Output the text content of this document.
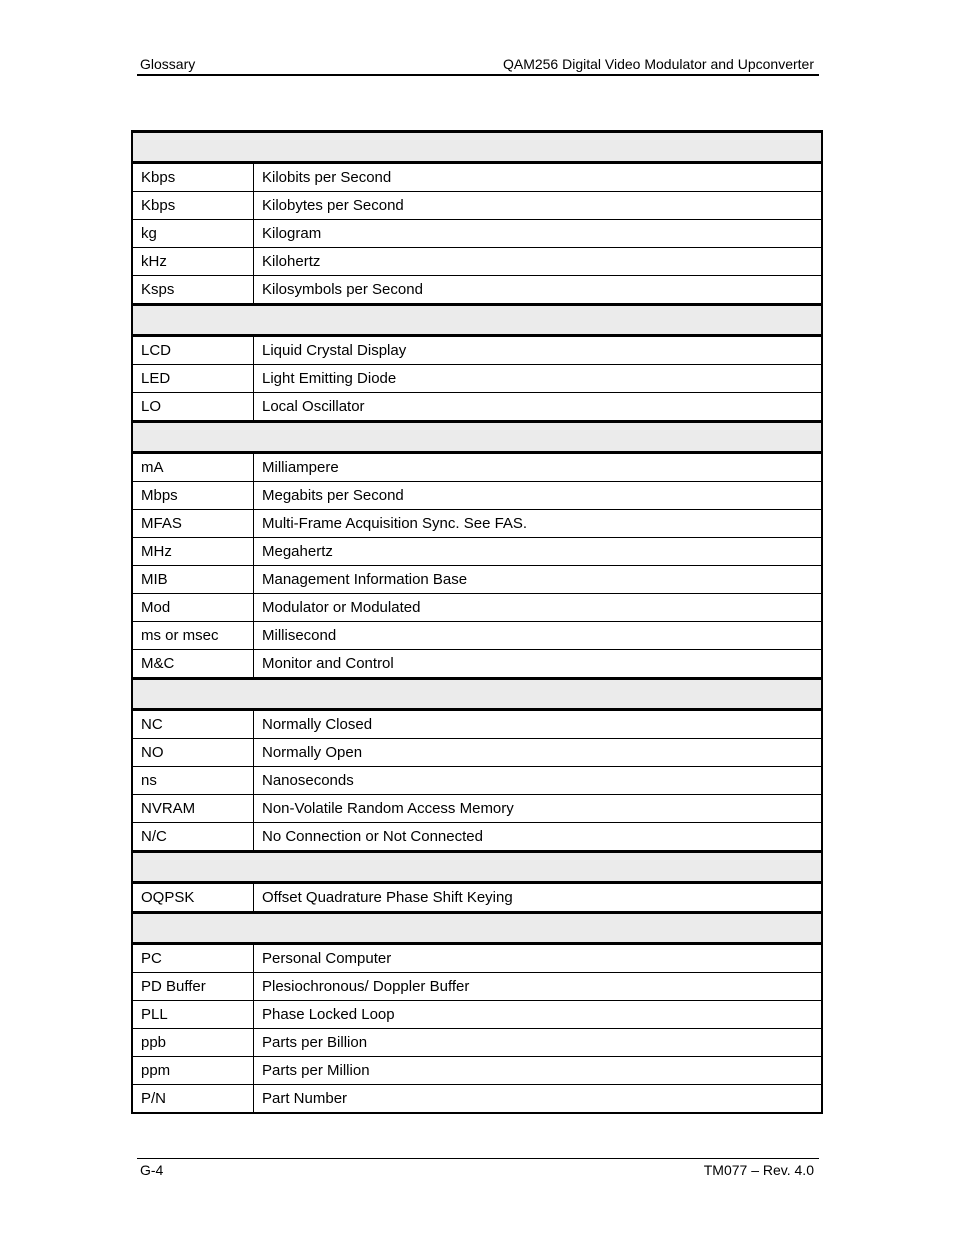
Glossary	QAM256 Digital Video Modulator and Upconverter

Kbps	Kilobits per Second
Kbps	Kilobytes per Second
kg	Kilogram
kHz	Kilohertz
Ksps	Kilosymbols per Second

LCD	Liquid Crystal Display
LED	Light Emitting Diode
LO	Local Oscillator

mA	Milliampere
Mbps	Megabits per Second
MFAS	Multi-Frame Acquisition Sync. See FAS.
MHz	Megahertz
MIB	Management Information Base
Mod	Modulator or Modulated
ms or msec	Millisecond
M&C	Monitor and Control

NC	Normally Closed
NO	Normally Open
ns	Nanoseconds
NVRAM	Non-Volatile Random Access Memory
N/C	No Connection or Not Connected

OQPSK	Offset Quadrature Phase Shift Keying

PC	Personal Computer
PD Buffer	Plesiochronous/ Doppler Buffer
PLL	Phase Locked Loop
ppb	Parts per Billion
ppm	Parts per Million
P/N	Part Number
G-4	TM077 – Rev. 4.0
